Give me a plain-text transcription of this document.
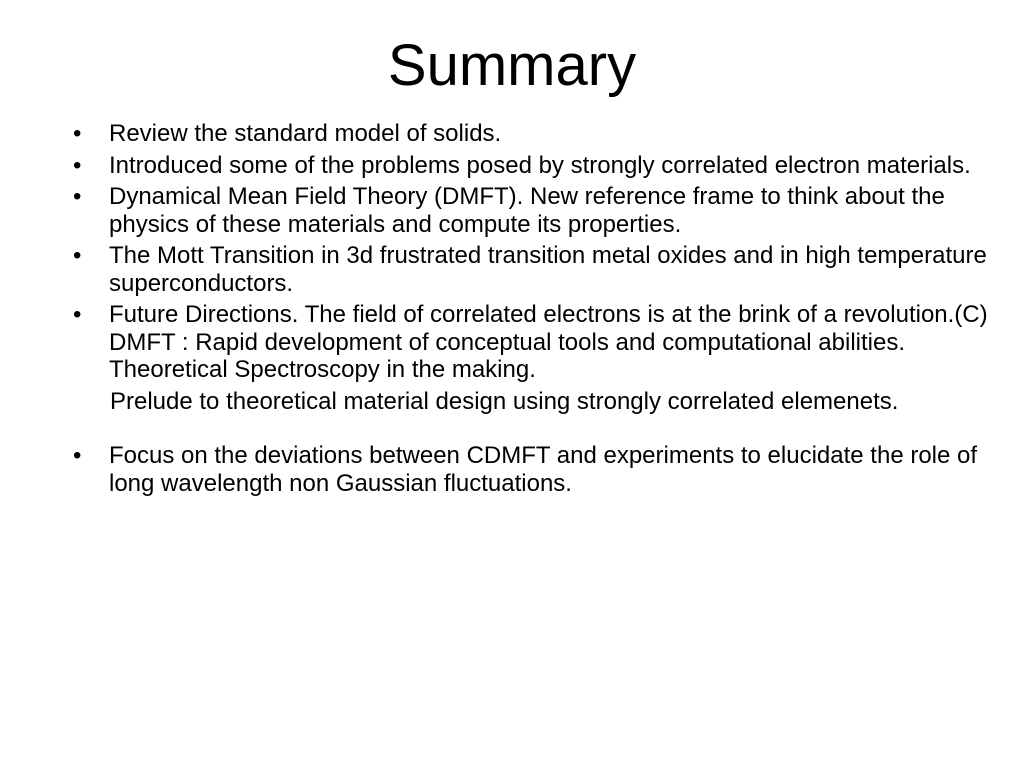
Summary
•	Review the standard model of solids.
•	Introduced some of the problems posed by strongly correlated electron materials.
•	Dynamical Mean Field Theory (DMFT). New reference frame to think about the physics of these materials and compute its properties.
•	The Mott Transition in 3d frustrated transition metal oxides and in high temperature superconductors.
•	Future Directions. The field of correlated electrons is at the brink of a revolution.(C) DMFT : Rapid development of conceptual tools and computational abilities. Theoretical Spectroscopy in the making.
Prelude to theoretical material design using strongly correlated elemenets.
•	Focus on the deviations between CDMFT and experiments to elucidate the role of long wavelength non Gaussian fluctuations.
